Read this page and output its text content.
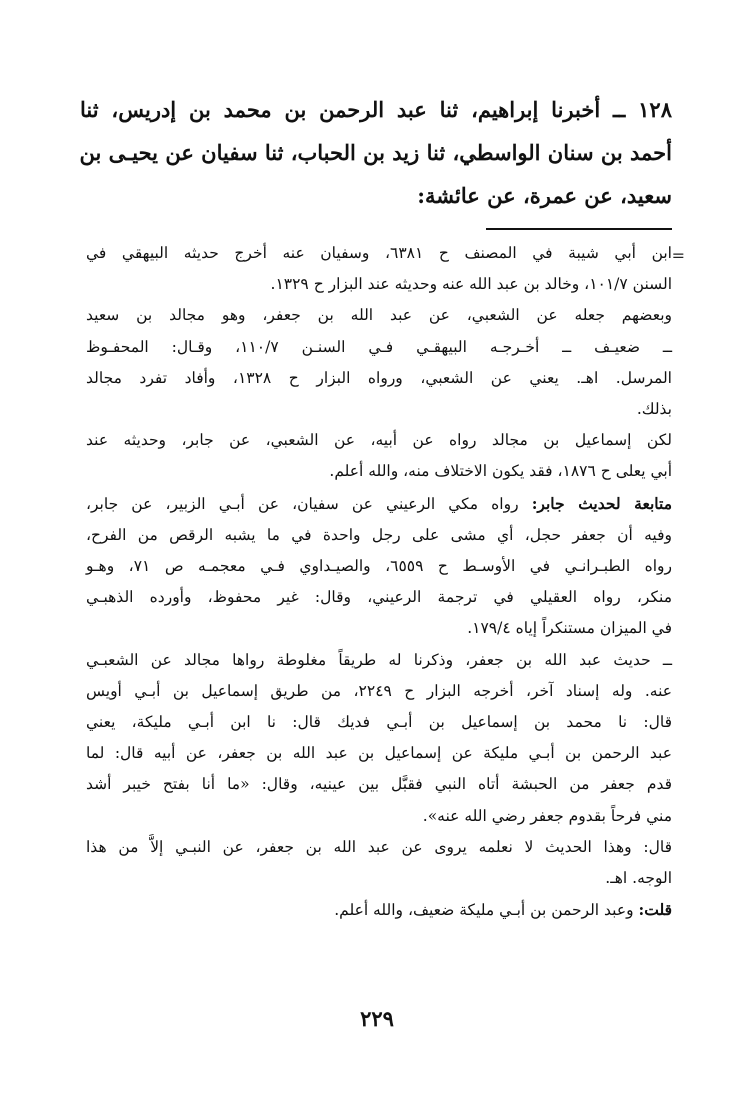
١٢٨ ــ أخبرنا إبراهيم، ثنا عبد الرحمن بن محمد بن إدريس، ثنا
أحمد بن سنان الواسطي، ثنا زيد بن الحباب، ثنا سفيان عن يحيـى بن
سعيد، عن عمرة، عن عائشة:
=

ابن أبي شيبة في المصنف ح ٦٣٨١، وسفيان عنه أخرج حديثه البيهقي في
السنن ١٠١/٧، وخالد بن عبد الله عنه وحديثه عند البزار ح ١٣٢٩.

وبعضهم جعله عن الشعبي، عن عبد الله بن جعفر، وهو مجالد بن سعيد
ــ ضعيـف ــ أخـرجـه البيهقـي فـي السنـن ١١٠/٧، وقـال: المحفـوظ
المرسل. اهـ. يعني عن الشعبي، ورواه البزار ح ١٣٢٨، وأفاد تفرد مجالد
بذلك.

لكن إسماعيل بن مجالد رواه عن أبيه، عن الشعبي، عن جابر، وحديثه عند
أبي يعلى ح ١٨٧٦، فقد يكون الاختلاف منه، والله أعلم.

متابعة لحديث جابر: رواه مكي الرعيني عن سفيان، عن أبـي الزبير، عن جابر،
وفيه أن جعفر حجل، أي مشى على رجل واحدة في ما يشبه الرقص من الفرح،
رواه الطبـرانـي في الأوسـط ح ٦٥٥٩، والصيـداوي فـي معجمـه ص ٧١، وهـو
منكر، رواه العقيلي في ترجمة الرعيني، وقال: غير محفوظ، وأورده الذهبـي
في الميزان مستنكراً إياه ١٧٩/٤.

ــ حديث عبد الله بن جعفر، وذكرنا له طريقاً مغلوطة رواها مجالد عن الشعبـي
عنه. وله إسناد آخر، أخرجه البزار ح ٢٢٤٩، من طريق إسماعيل بن أبـي أويس
قال: نا محمد بن إسماعيل بن أبـي فديك قال: نا ابن أبـي مليكة، يعني
عبد الرحمن بن أبـي مليكة عن إسماعيل بن عبد الله بن جعفر، عن أبيه قال: لما
قدم جعفر من الحبشة أتاه النبي فقبَّل بين عينيه، وقال: «ما أنا بفتح خيبر أشد
مني فرحاً بقدوم جعفر رضي الله عنه».

قال: وهذا الحديث لا نعلمه يروى عن عبد الله بن جعفر، عن النبـي إلاَّ من هذا
الوجه. اهـ.

قلت: وعبد الرحمن بن أبـي مليكة ضعيف، والله أعلم.

٢٢٩
